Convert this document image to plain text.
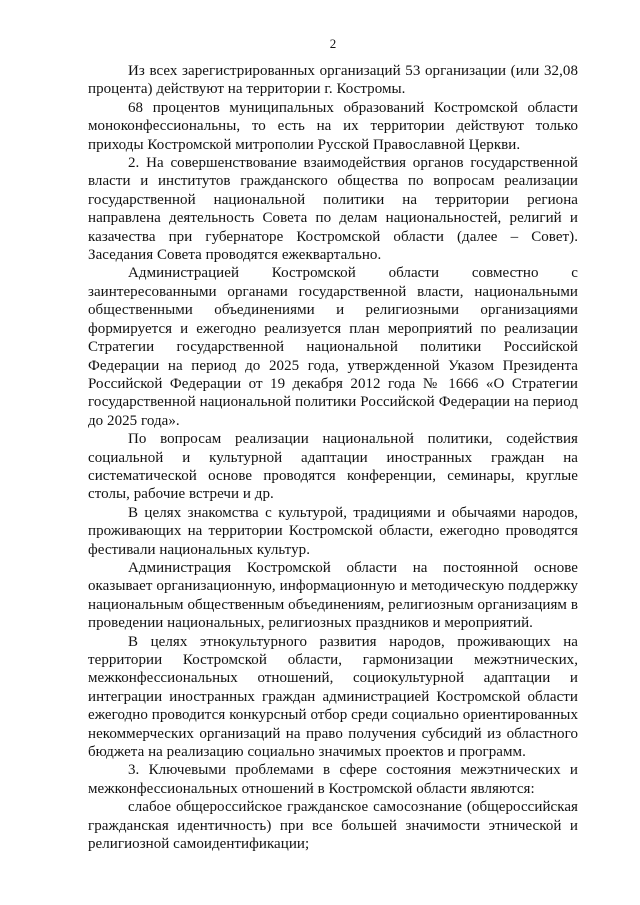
2

Из всех зарегистрированных организаций 53 организации (или 32,08 процента) действуют на территории г. Костромы.

68 процентов муниципальных образований Костромской области моноконфессиональны, то есть на их территории действуют только приходы Костромской митрополии Русской Православной Церкви.

2. На совершенствование взаимодействия органов государственной власти и институтов гражданского общества по вопросам реализации государственной национальной политики на территории региона направлена деятельность Совета по делам национальностей, религий и казачества при губернаторе Костромской области (далее – Совет). Заседания Совета проводятся ежеквартально.

Администрацией Костромской области совместно с заинтересованными органами государственной власти, национальными общественными объединениями и религиозными организациями формируется и ежегодно реализуется план мероприятий по реализации Стратегии государственной национальной политики Российской Федерации на период до 2025 года, утвержденной Указом Президента Российской Федерации от 19 декабря 2012 года № 1666 «О Стратегии государственной национальной политики Российской Федерации на период до 2025 года».

По вопросам реализации национальной политики, содействия социальной и культурной адаптации иностранных граждан на систематической основе проводятся конференции, семинары, круглые столы, рабочие встречи и др.

В целях знакомства с культурой, традициями и обычаями народов, проживающих на территории Костромской области, ежегодно проводятся фестивали национальных культур.

Администрация Костромской области на постоянной основе оказывает организационную, информационную и методическую поддержку национальным общественным объединениям, религиозным организациям в проведении национальных, религиозных праздников и мероприятий.

В целях этнокультурного развития народов, проживающих на территории Костромской области, гармонизации межэтнических, межконфессиональных отношений, социокультурной адаптации и интеграции иностранных граждан администрацией Костромской области ежегодно проводится конкурсный отбор среди социально ориентированных некоммерческих организаций на право получения субсидий из областного бюджета на реализацию социально значимых проектов и программ.

3. Ключевыми проблемами в сфере состояния межэтнических и межконфессиональных отношений в Костромской области являются:

слабое общероссийское гражданское самосознание (общероссийская гражданская идентичность) при все большей значимости этнической и религиозной самоидентификации;
